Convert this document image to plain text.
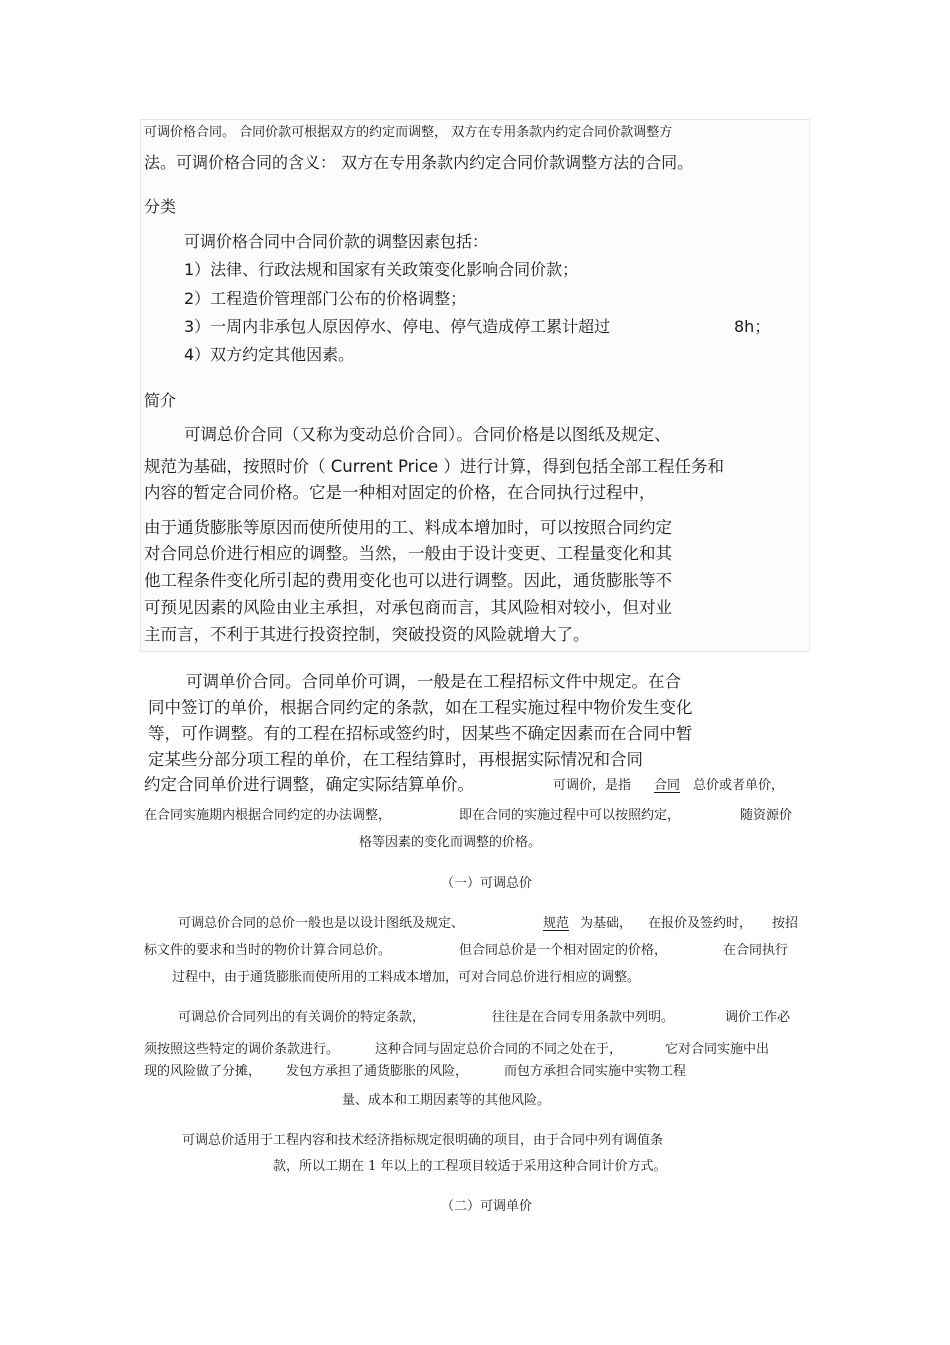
可调价格合同。 合同价款可根据双方的约定而调整， 双方在专用条款内约定合同价款调整方
法。可调价格合同的含义： 双方在专用条款内约定合同价款调整方法的合同。
分类
可调价格合同中合同价款的调整因素包括：
1）法律、行政法规和国家有关政策变化影响合同价款；
2）工程造价管理部门公布的价格调整；
3）一周内非承包人原因停水、停电、停气造成停工累计超过	8h；
4）双方约定其他因素。
简介
可调总价合同（又称为变动总价合同）。合同价格是以图纸及规定、
规范为基础，按照时价（ Current Price ）进行计算，得到包括全部工程任务和
内容的暂定合同价格。它是一种相对固定的价格，在合同执行过程中，
由于通货膨胀等原因而使所使用的工、料成本增加时，可以按照合同约定
对合同总价进行相应的调整。当然，一般由于设计变更、工程量变化和其
他工程条件变化所引起的费用变化也可以进行调整。因此，通货膨胀等不
可预见因素的风险由业主承担，对承包商而言，其风险相对较小，但对业
主而言，不利于其进行投资控制，突破投资的风险就增大了。
可调单价合同。合同单价可调，一般是在工程招标文件中规定。在合
同中签订的单价，根据合同约定的条款，如在工程实施过程中物价发生变化
等，可作调整。有的工程在招标或签约时，因某些不确定因素而在合同中暂
定某些分部分项工程的单价，在工程结算时，再根据实际情况和合同
约定合同单价进行调整，确定实际结算单价。	可调价，是指 合同 总价或者单价，
在合同实施期内根据合同约定的办法调整，	即在合同的实施过程中可以按照约定，	随资源价
格等因素的变化而调整的价格。
（一）可调总价
可调总价合同的总价一般也是以设计图纸及规定、	规范 为基础， 在报价及签约时， 按招
标文件的要求和当时的物价计算合同总价。	但合同总价是一个相对固定的价格，	在合同执行
过程中，由于通货膨胀而使所用的工料成本增加，可对合同总价进行相应的调整。
可调总价合同列出的有关调价的特定条款，	往往是在合同专用条款中列明。	调价工作必
须按照这些特定的调价条款进行。	这种合同与固定总价合同的不同之处在于，	它对合同实施中出
现的风险做了分摊， 发包方承担了通货膨胀的风险，	而包方承担合同实施中实物工程
量、成本和工期因素等的其他风险。
可调总价适用于工程内容和技术经济指标规定很明确的项目，由于合同中列有调值条
款，所以工期在 1 年以上的工程项目较适于采用这种合同计价方式。
（二）可调单价
